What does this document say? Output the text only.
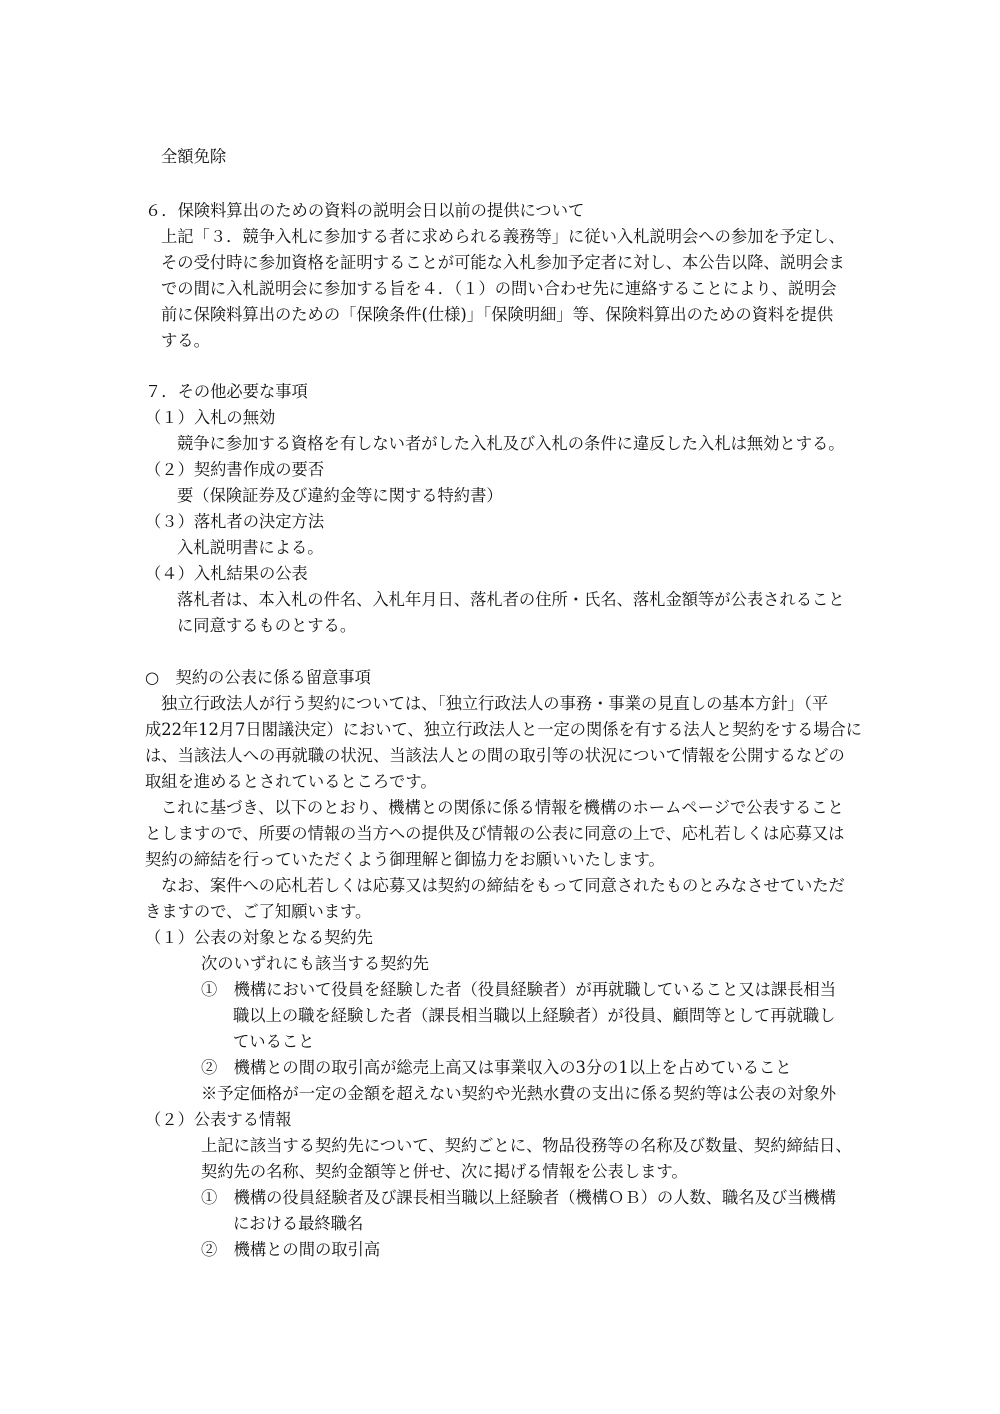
全額免除
６．保険料算出のための資料の説明会日以前の提供について
上記「３．競争入札に参加する者に求められる義務等」に従い入札説明会への参加を予定し、
その受付時に参加資格を証明することが可能な入札参加予定者に対し、本公告以降、説明会ま
での間に入札説明会に参加する旨を４．（１）の問い合わせ先に連絡することにより、説明会
前に保険料算出のための「保険条件(仕様)」「保険明細」等、保険料算出のための資料を提供
する。
７．その他必要な事項
（１）入札の無効
競争に参加する資格を有しない者がした入札及び入札の条件に違反した入札は無効とする。
（２）契約書作成の要否
要（保険証券及び違約金等に関する特約書）
（３）落札者の決定方法
入札説明書による。
（４）入札結果の公表
落札者は、本入札の件名、入札年月日、落札者の住所・氏名、落札金額等が公表されること
に同意するものとする。
○　契約の公表に係る留意事項
独立行政法人が行う契約については、「独立行政法人の事務・事業の見直しの基本方針」（平
成22年12月7日閣議決定）において、独立行政法人と一定の関係を有する法人と契約をする場合に
は、当該法人への再就職の状況、当該法人との間の取引等の状況について情報を公開するなどの
取組を進めるとされているところです。
これに基づき、以下のとおり、機構との関係に係る情報を機構のホームページで公表すること
としますので、所要の情報の当方への提供及び情報の公表に同意の上で、応札若しくは応募又は
契約の締結を行っていただくよう御理解と御協力をお願いいたします。
なお、案件への応札若しくは応募又は契約の締結をもって同意されたものとみなさせていただ
きますので、ご了知願います。
（１）公表の対象となる契約先
次のいずれにも該当する契約先
①　機構において役員を経験した者（役員経験者）が再就職していること又は課長相当
職以上の職を経験した者（課長相当職以上経験者）が役員、顧問等として再就職し
ていること
②　機構との間の取引高が総売上高又は事業収入の3分の1以上を占めていること
※予定価格が一定の金額を超えない契約や光熱水費の支出に係る契約等は公表の対象外
（２）公表する情報
上記に該当する契約先について、契約ごとに、物品役務等の名称及び数量、契約締結日、
契約先の名称、契約金額等と併せ、次に掲げる情報を公表します。
①　機構の役員経験者及び課長相当職以上経験者（機構ＯＢ）の人数、職名及び当機構
における最終職名
②　機構との間の取引高
